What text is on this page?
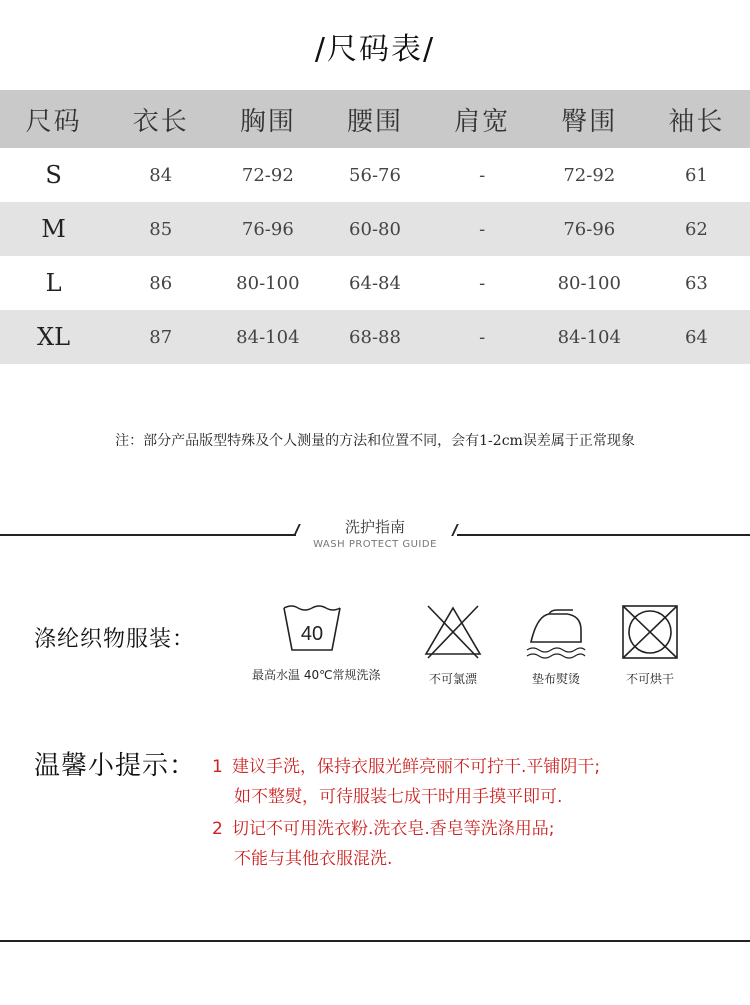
/尺码表/
尺码	衣长	胸围	腰围	肩宽	臀围	袖长
S	84	72-92	56-76	-	72-92	61
M	85	76-96	60-80	-	76-96	62
L	86	80-100	64-84	-	80-100	63
XL	87	84-104	68-88	-	84-104	64
注：部分产品版型特殊及个人测量的方法和位置不同，会有1-2cm误差属于正常现象
洗护指南
WASH PROTECT GUIDE
涤纶织物服装：	40
最高水温 40℃常规洗涤	不可氯漂	垫布熨烫	不可烘干
温馨小提示： 1 建议手洗，保持衣服光鲜亮丽不可拧干.平铺阴干;
如不整熨，可待服装七成干时用手摸平即可.
2 切记不可用洗衣粉.洗衣皂.香皂等洗涤用品;
不能与其他衣服混洗.
